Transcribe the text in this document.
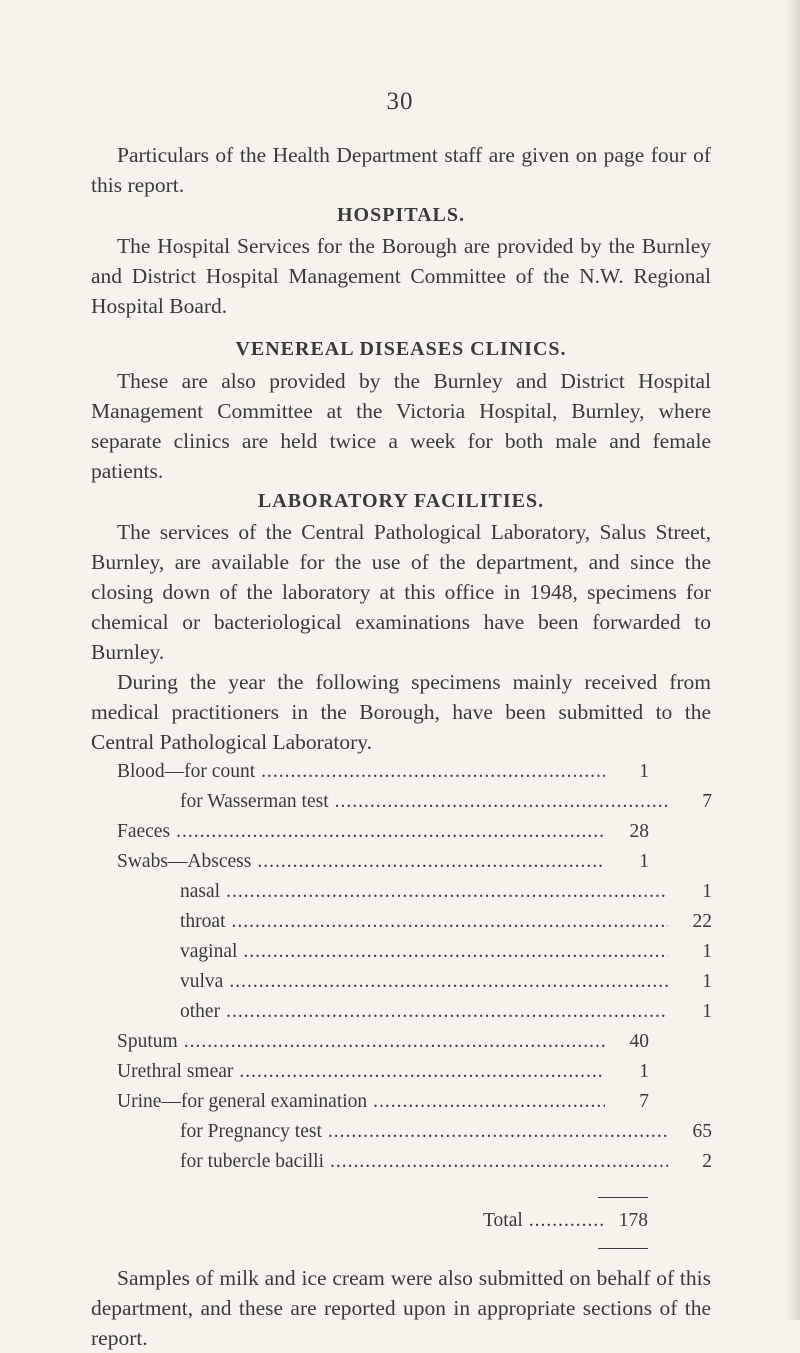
30

Particulars of the Health Department staff are given on page four of this report.

HOSPITALS.

The Hospital Services for the Borough are provided by the Burnley and District Hospital Management Committee of the N.W. Regional Hospital Board.

VENEREAL DISEASES CLINICS.

These are also provided by the Burnley and District Hospital Management Committee at the Victoria Hospital, Burnley, where separate clinics are held twice a week for both male and female patients.

LABORATORY FACILITIES.

The services of the Central Pathological Laboratory, Salus Street, Burnley, are available for the use of the department, and since the closing down of the laboratory at this office in 1948, specimens for chemical or bacteriological examinations have been forwarded to Burnley.

During the year the following specimens mainly received from medical practitioners in the Borough, have been submitted to the Central Pathological Laboratory.

Blood—for count .....	1
for Wasserman test .....	7
Faeces .....	28
Swabs—Abscess .....	1
nasal .....	1
throat .....	22
vaginal .....	1
vulva .....	1
other .....	1
Sputum .....	40
Urethral smear .....	1
Urine—for general examination .....	7
for Pregnancy test .....	65
for tubercle bacilli .....	2
Total .....	178

Samples of milk and ice cream were also submitted on behalf of this department, and these are reported upon in appropriate sections of the report.
